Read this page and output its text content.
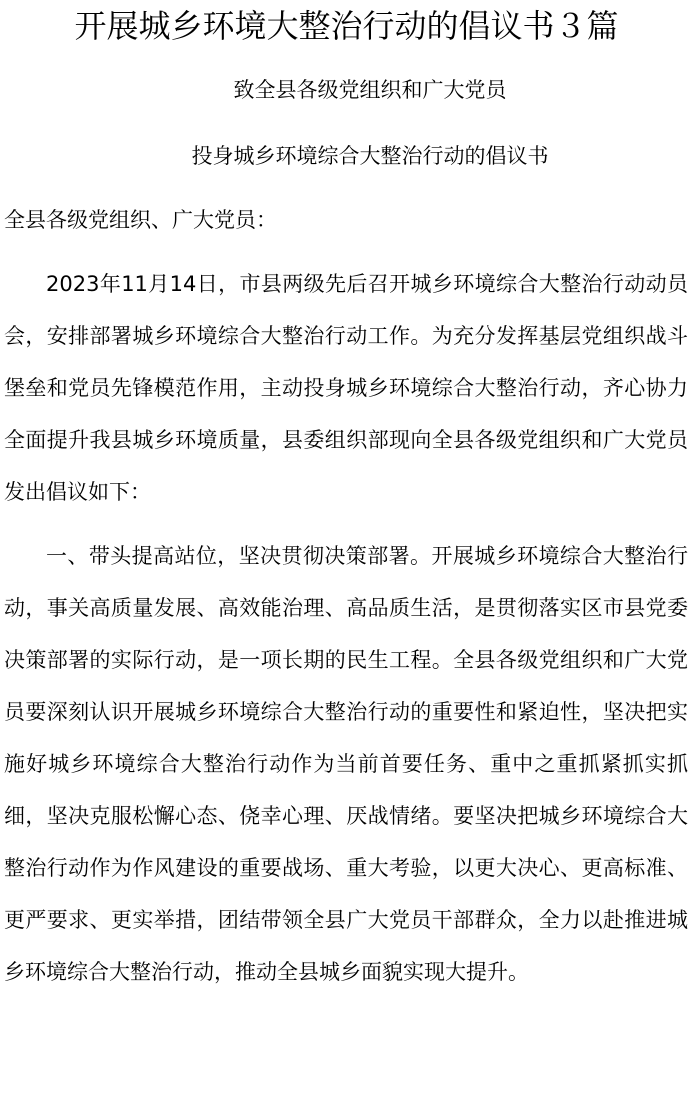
开展城乡环境大整治行动的倡议书３篇
致全县各级党组织和广大党员
投身城乡环境综合大整治行动的倡议书
全县各级党组织、广大党员：

2023年11月14日，市县两级先后召开城乡环境综合大整治行动动员会，安排部署城乡环境综合大整治行动工作。为充分发挥基层党组织战斗堡垒和党员先锋模范作用，主动投身城乡环境综合大整治行动，齐心协力全面提升我县城乡环境质量，县委组织部现向全县各级党组织和广大党员发出倡议如下：

一、带头提高站位，坚决贯彻决策部署。开展城乡环境综合大整治行动，事关高质量发展、高效能治理、高品质生活，是贯彻落实区市县党委决策部署的实际行动，是一项长期的民生工程。全县各级党组织和广大党员要深刻认识开展城乡环境综合大整治行动的重要性和紧迫性，坚决把实施好城乡环境综合大整治行动作为当前首要任务、重中之重抓紧抓实抓细，坚决克服松懈心态、侥幸心理、厌战情绪。要坚决把城乡环境综合大整治行动作为作风建设的重要战场、重大考验，以更大决心、更高标准、更严要求、更实举措，团结带领全县广大党员干部群众，全力以赴推进城乡环境综合大整治行动，推动全县城乡面貌实现大提升。
